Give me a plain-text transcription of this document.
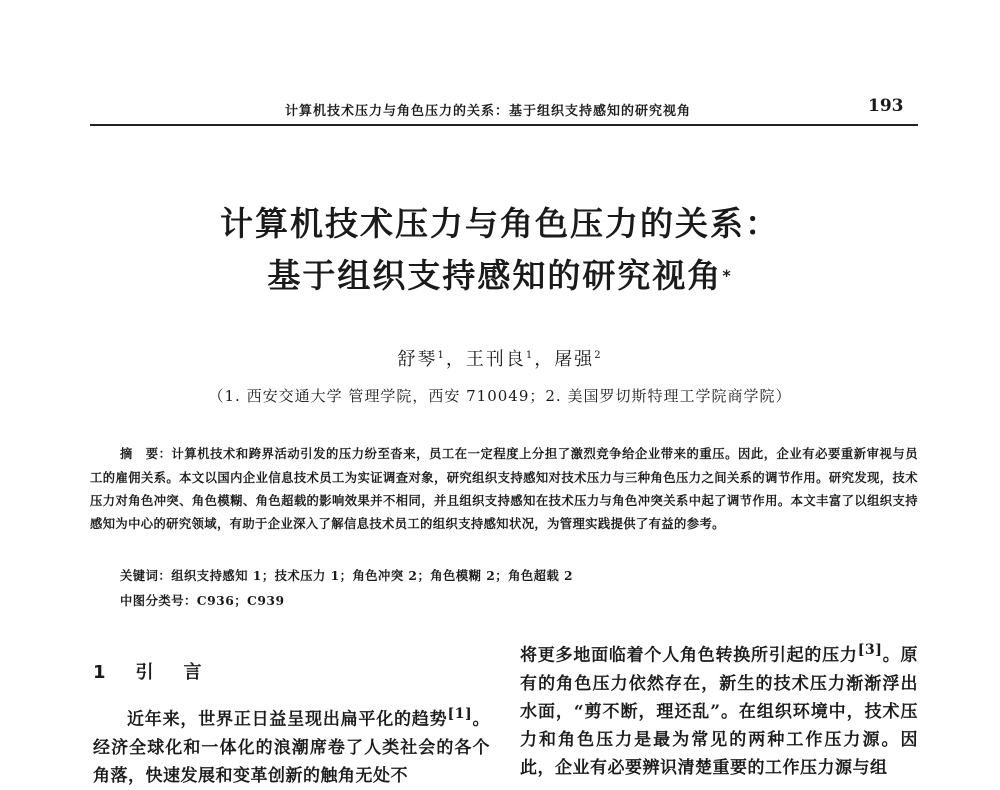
计算机技术压力与角色压力的关系：基于组织支持感知的研究视角	193
计算机技术压力与角色压力的关系：
基于组织支持感知的研究视角*
舒琴$^1$，王刊良$^1$，屠强$^2$
（1. 西安交通大学 管理学院，西安 710049；2. 美国罗切斯特理工学院商学院）
摘　要：计算机技术和跨界活动引发的压力纷至沓来，员工在一定程度上分担了激烈竞争给企业带来的重压。因此，企业有必要重新审视与员工的雇佣关系。本文以国内企业信息技术员工为实证调查对象，研究组织支持感知对技术压力与三种角色压力之间关系的调节作用。研究发现，技术压力对角色冲突、角色模糊、角色超载的影响效果并不相同，并且组织支持感知在技术压力与角色冲突关系中起了调节作用。本文丰富了以组织支持感知为中心的研究领域，有助于企业深入了解信息技术员工的组织支持感知状况，为管理实践提供了有益的参考。
关键词：组织支持感知 1；技术压力 1；角色冲突 2；角色模糊 2；角色超载 2
中图分类号：C936；C939
1  引　言

近年来，世界正日益呈现出扁平化的趋势[1]。经济全球化和一体化的浪潮席卷了人类社会的各个角落，快速发展和变革创新的触角无处不

将更多地面临着个人角色转换所引起的压力[3]。原有的角色压力依然存在，新生的技术压力渐渐浮出水面，“剪不断，理还乱”。在组织环境中，技术压力和角色压力是最为常见的两种工作压力源。因此，企业有必要辨识清楚重要的工作压力源与组
